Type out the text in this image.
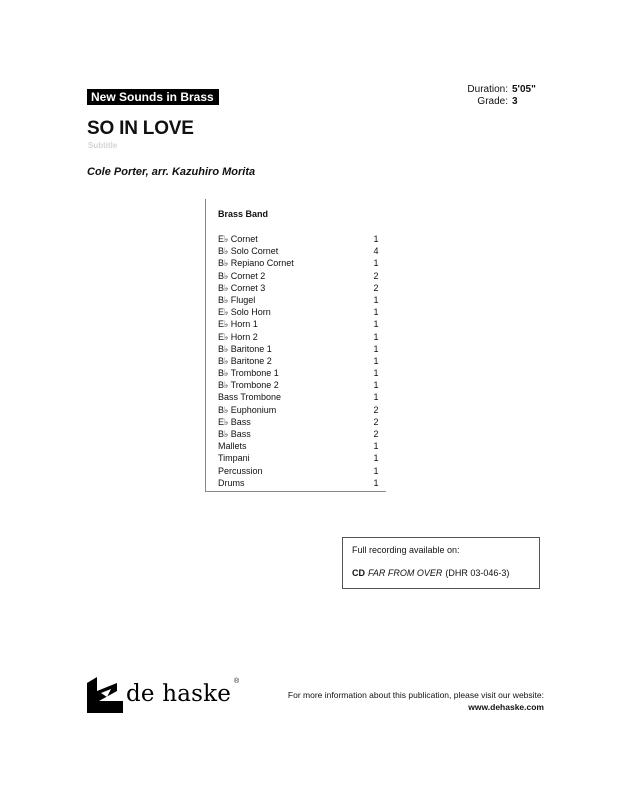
New Sounds in Brass
Duration: 5'05"
Grade: 3
SO IN LOVE
Subtitle
Cole Porter, arr. Kazuhiro Morita
Brass Band
E♭ Cornet	1
B♭ Solo Cornet	4
B♭ Repiano Cornet	1
B♭ Cornet 2	2
B♭ Cornet 3	2
B♭ Flugel	1
E♭ Solo Horn	1
E♭ Horn 1	1
E♭ Horn 2	1
B♭ Baritone 1	1
B♭ Baritone 2	1
B♭ Trombone 1	1
B♭ Trombone 2	1
Bass Trombone	1
B♭ Euphonium	2
E♭ Bass	2
B♭ Bass	2
Mallets	1
Timpani	1
Percussion	1
Drums	1
Full recording available on:
CD FAR FROM OVER (DHR 03-046-3)
de haske ®
For more information about this publication, please visit our website:
www.dehaske.com
